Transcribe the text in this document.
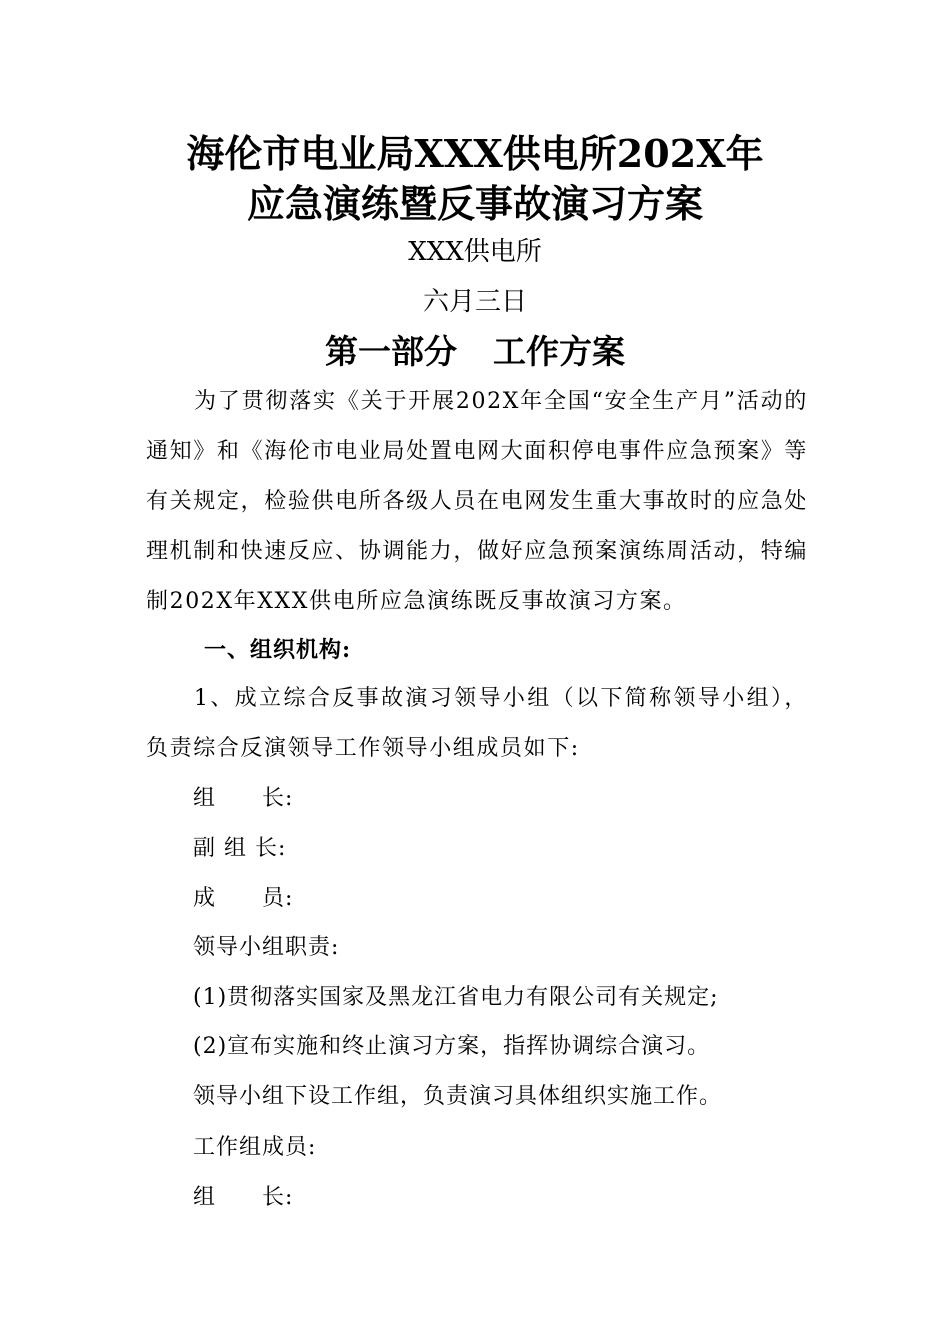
海伦市电业局XXX供电所202X年
应急演练暨反事故演习方案
XXX供电所
六月三日
第一部分 工作方案
为了贯彻落实《关于开展202X年全国“安全生产月”活动的通知》和《海伦市电业局处置电网大面积停电事件应急预案》等有关规定，检验供电所各级人员在电网发生重大事故时的应急处理机制和快速反应、协调能力，做好应急预案演练周活动，特编制202X年XXX供电所应急演练既反事故演习方案。
一、组织机构:
1、成立综合反事故演习领导小组（以下简称领导小组），负责综合反演领导工作领导小组成员如下:
组　　长:
副 组 长:
成　　员:
领导小组职责:
(1)贯彻落实国家及黑龙江省电力有限公司有关规定;
(2)宣布实施和终止演习方案，指挥协调综合演习。
领导小组下设工作组，负责演习具体组织实施工作。
工作组成员:
组　　长:
